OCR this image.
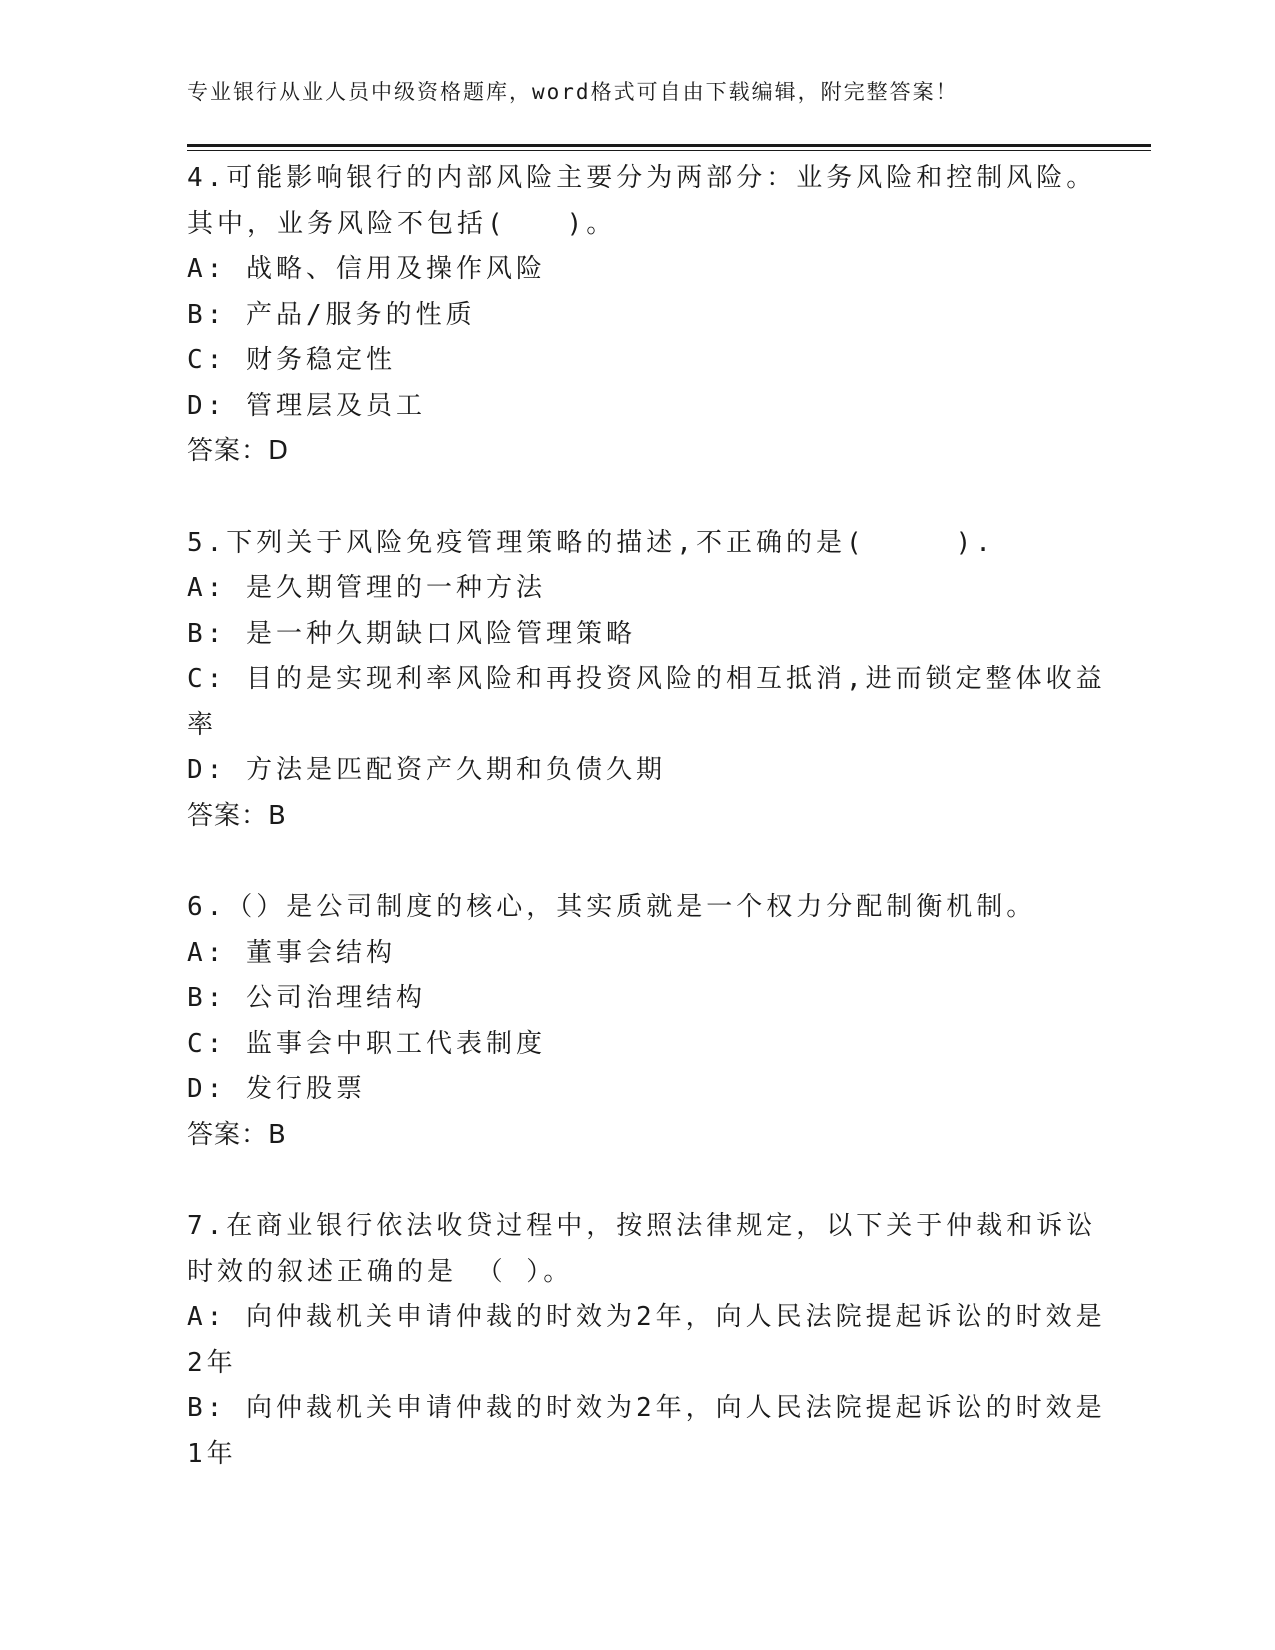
专业银行从业人员中级资格题库，word格式可自由下载编辑，附完整答案！
4.可能影响银行的内部风险主要分为两部分：业务风险和控制风险。
其中，业务风险不包括(　　)。
A: 战略、信用及操作风险
B: 产品/服务的性质
C: 财务稳定性
D: 管理层及员工
答案：D
5.下列关于风险免疫管理策略的描述,不正确的是(　　　).
A: 是久期管理的一种方法
B: 是一种久期缺口风险管理策略
C: 目的是实现利率风险和再投资风险的相互抵消,进而锁定整体收益
率
D: 方法是匹配资产久期和负债久期
答案：B
6.（）是公司制度的核心，其实质就是一个权力分配制衡机制。
A: 董事会结构
B: 公司治理结构
C: 监事会中职工代表制度
D: 发行股票
答案：B
7.在商业银行依法收贷过程中，按照法律规定，以下关于仲裁和诉讼
时效的叙述正确的是 （ ）。
A: 向仲裁机关申请仲裁的时效为2年，向人民法院提起诉讼的时效是
2年
B: 向仲裁机关申请仲裁的时效为2年，向人民法院提起诉讼的时效是
1年
